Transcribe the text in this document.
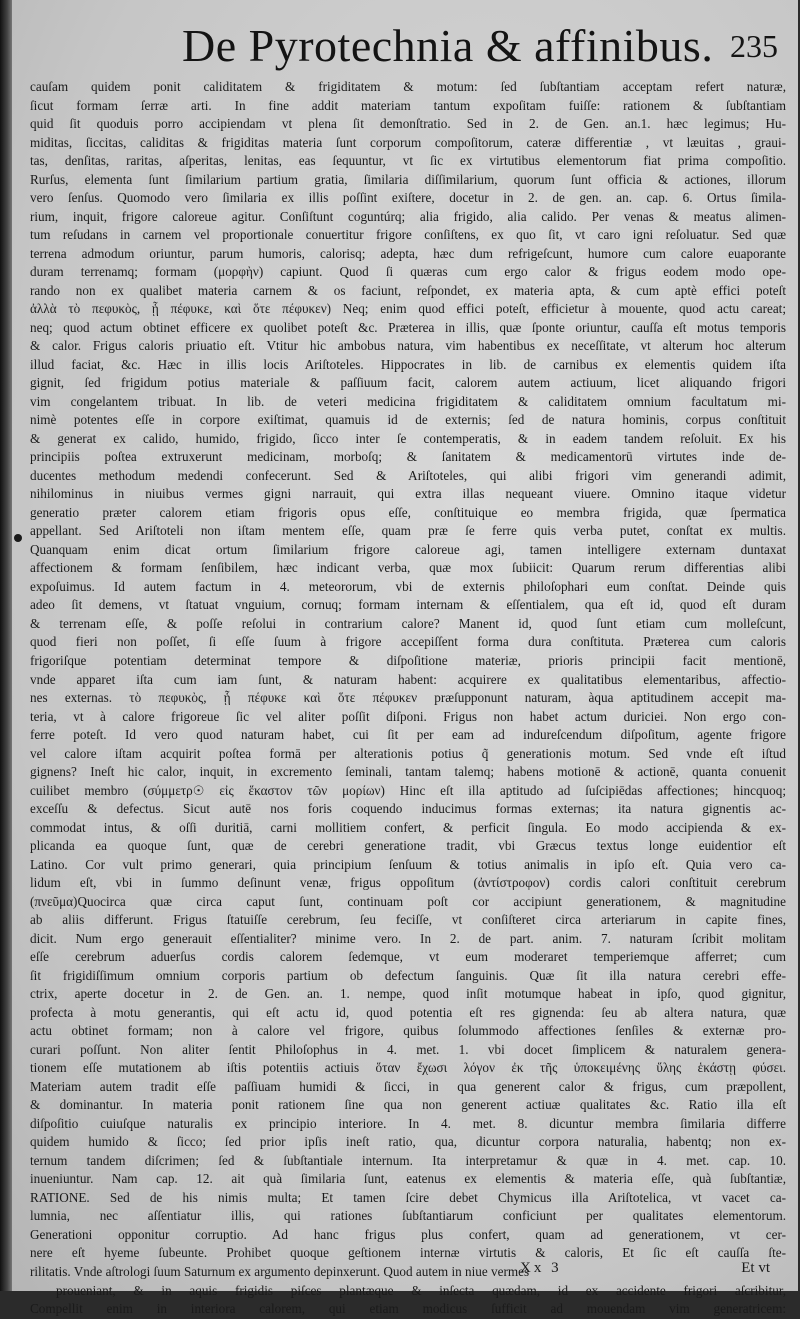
De Pyrotechnia & affinibus. 235
cauſam quidem ponit caliditatem & frigiditatem & motum: ſed ſubſtantiam acceptam refert naturæ,
ſicut formam ſerræ arti. In fine addit materiam tantum expoſitam fuiſſe: rationem & ſubſtantiam
quid ſit quoduis porro accipiendam vt plena ſit demonſtratio. Sed in 2. de Gen. an.1. hæc legimus; Hu-
miditas, ſiccitas, caliditas & frigiditas materia ſunt corporum compoſitorum, cateræ differentiæ , vt læuitas , graui-
tas, denſitas, raritas, aſperitas, lenitas, eas ſequuntur, vt ſic ex virtutibus elementorum fiat prima compoſitio.
Rurſus, elementa ſunt ſimilarium partium gratia, ſimilaria diſſimilarium, quorum ſunt officia & actiones, illorum
vero ſenſus. Quomodo vero ſimilaria ex illis poſſint exiſtere, docetur in 2. de gen. an. cap. 6. Ortus ſimila-
rium, inquit, frigore caloreue agitur. Conſiſtunt coguntúrq; alia frigido, alia calido. Per venas & meatus alimen-
tum reſudans in carnem vel proportionale conuertitur frigore conſiſtens, ex quo ſit, vt caro igni reſoluatur. Sed quæ
terrena admodum oriuntur, parum humoris, calorisq; adepta, hæc dum refrigeſcunt, humore cum calore euaporante
duram terrenamq; formam (μορφὴν) capiunt. Quod ſi quæras cum ergo calor & frigus eodem modo ope-
rando non ex qualibet materia carnem & os faciunt, reſpondet, ex materia apta, & cum aptè effici poteſt
ἀλλὰ τὸ πεφυκὸς, ᾗ πέφυκε, καὶ ὅτε πέφυκεν) Neq; enim quod effici poteſt, efficietur à mouente, quod actu careat;
neq; quod actum obtinet efficere ex quolibet poteſt &c. Præterea in illis, quæ ſponte oriuntur, cauſſa eſt motus temporis
& calor. Frigus caloris priuatio eſt. Vtitur hic ambobus natura, vim habentibus ex neceſſitate, vt alterum hoc alterum
illud faciat, &c. Hæc in illis locis Ariſtoteles. Hippocrates in lib. de carnibus ex elementis quidem iſta
gignit, ſed frigidum potius materiale & paſſiuum facit, calorem autem actiuum, licet aliquando frigori
vim congelantem tribuat. In lib. de veteri medicina frigiditatem & caliditatem omnium facultatum mi-
nimè potentes eſſe in corpore exiſtimat, quamuis id de externis; ſed de natura hominis, corpus conſtituit
& generat ex calido, humido, frigido, ſicco inter ſe contemperatis, & in eadem tandem reſoluit. Ex his
principiis poſtea extruxerunt medicinam, morboſq; & ſanitatem & medicamentorū virtutes inde de-
ducentes methodum medendi confecerunt. Sed & Ariſtoteles, qui alibi frigori vim generandi adimit,
nihilominus in niuibus vermes gigni narrauit, qui extra illas nequeant viuere. Omnino itaque videtur
generatio præter calorem etiam frigoris opus eſſe, conſtituique eo membra frigida, quæ ſpermatica
appellant. Sed Ariſtoteli non iſtam mentem eſſe, quam præ ſe ferre quis verba putet, conſtat ex multis.
Quanquam enim dicat ortum ſimilarium frigore caloreue agi, tamen intelligere externam duntaxat
affectionem & formam ſenſibilem, hæc indicant verba, quæ mox ſubiicit: Quarum rerum differentias alibi
expoſuimus. Id autem factum in 4. meteororum, vbi de externis philoſophari eum conſtat. Deinde quis
adeo ſit demens, vt ſtatuat vnguium, cornuq; formam internam & eſſentialem, qua eſt id, quod eſt duram
& terrenam eſſe, & poſſe reſolui in contrarium calore? Manent id, quod ſunt etiam cum molleſcunt,
quod fieri non poſſet, ſi eſſe ſuum à frigore accepiſſent forma dura conſtituta. Præterea cum caloris
frigoriſque potentiam determinat tempore & diſpoſitione materiæ, prioris principii facit mentionē,
vnde apparet iſta cum iam ſunt, & naturam habent: acquirere ex qualitatibus elementaribus, affectio-
nes externas. τὸ πεφυκὸς, ᾗ πέφυκε καὶ ὅτε πέφυκεν præſupponunt naturam, àqua aptitudinem accepit ma-
teria, vt à calore frigoreue ſic vel aliter poſſit diſponi. Frigus non habet actum duriciei. Non ergo con-
ferre poteſt. Id vero quod naturam habet, cui ſit per eam ad indureſcendum diſpoſitum, agente frigore
vel calore iſtam acquirit poſtea formā per alterationis potius q̃ generationis motum. Sed vnde eſt iſtud
gignens? Ineſt hic calor, inquit, in excremento ſeminali, tantam talemq; habens motionē & actionē, quanta conuenit
cuilibet membro (σύμμετρ☉ εἰς ἕκαστον τῶν μορίων) Hinc eſt illa aptitudo ad ſuſcipiēdas affectiones; hincquoq;
exceſſu & defectus. Sicut autē nos foris coquendo inducimus formas externas; ita natura gignentis ac-
commodat intus, & oſſi duritiā, carni mollitiem confert, & perficit ſingula. Eo modo accipienda & ex-
plicanda ea quoque ſunt, quæ de cerebri generatione tradit, vbi Græcus textus longe euidentior eſt
Latino. Cor vult primo generari, quia principium ſenſuum & totius animalis in ipſo eſt. Quia vero ca-
lidum eſt, vbi in ſummo deſinunt venæ, frigus oppoſitum (ἀντίστροφον) cordis calori conſtituit cerebrum
(πνεῦμα)Quocirca quæ circa caput ſunt, continuam poſt cor accipiunt generationem, & magnitudine
ab aliis differunt. Frigus ſtatuiſſe cerebrum, ſeu feciſſe, vt conſiſteret circa arteriarum in capite fines,
dicit. Num ergo generauit eſſentialiter? minime vero. In 2. de part. anim. 7. naturam ſcribit molitam
eſſe cerebrum aduerſus cordis calorem ſedemque, vt eum moderaret temperiemque afferret; cum
ſit frigidiſſimum omnium corporis partium ob defectum ſanguinis. Quæ ſit illa natura cerebri effe-
ctrix, aperte docetur in 2. de Gen. an. 1. nempe, quod inſit motumque habeat in ipſo, quod gignitur,
profecta à motu generantis, qui eſt actu id, quod potentia eſt res gignenda: ſeu ab altera natura, quæ
actu obtinet formam; non à calore vel frigore, quibus ſolummodo affectiones ſenſiles & externæ pro-
curari poſſunt. Non aliter ſentit Philoſophus in 4. met. 1. vbi docet ſimplicem & naturalem genera-
tionem eſſe mutationem ab iſtis potentiis actiuis ὅταν ἔχωσι λόγον ἐκ τῆς ὑποκειμένης ὕλης ἑκάστῃ φύσει.
Materiam autem tradit eſſe paſſiuam humidi & ſicci, in qua generent calor & frigus, cum præpollent,
& dominantur. In materia ponit rationem ſine qua non generent actiuæ qualitates &c. Ratio illa eſt
diſpoſitio cuiuſque naturalis ex principio interiore. In 4. met. 8. dicuntur membra ſimilaria differre
quidem humido & ſicco; ſed prior ipſis ineſt ratio, qua, dicuntur corpora naturalia, habentq; non ex-
ternum tandem diſcrimen; ſed & ſubſtantiale internum. Ita interpretamur & quæ in 4. met. cap. 10.
inueniuntur. Nam cap. 12. ait quà ſimilaria ſunt, eatenus ex elementis & materia eſſe, quà ſubſtantiæ,
RATIONE. Sed de his nimis multa; Et tamen ſcire debet Chymicus illa Ariſtotelica, vt vacet ca-
lumnia, nec aſſentiatur illis, qui rationes ſubſtantiarum conficiunt per qualitates elementorum.
Generationi opponitur corruptio. Ad hanc frigus plus confert, quam ad generationem, vt cer-
nere eſt hyeme ſubeunte. Prohibet quoque geſtionem internæ virtutis & caloris, Et ſic eſt cauſſa ſte-
rilitatis. Vnde aſtrologi ſuum Saturnum ex argumento depinxerunt. Quod autem in niue vermes
proueniant, & in aquis frigidis piſces plantæque & inſecta quædam, id ex accidente frigori aſcribitur,
Compellit enim in interiora calorem, qui etiam modicus ſufficit ad mouendam vim generatricem:
Xx 3	Et vt
